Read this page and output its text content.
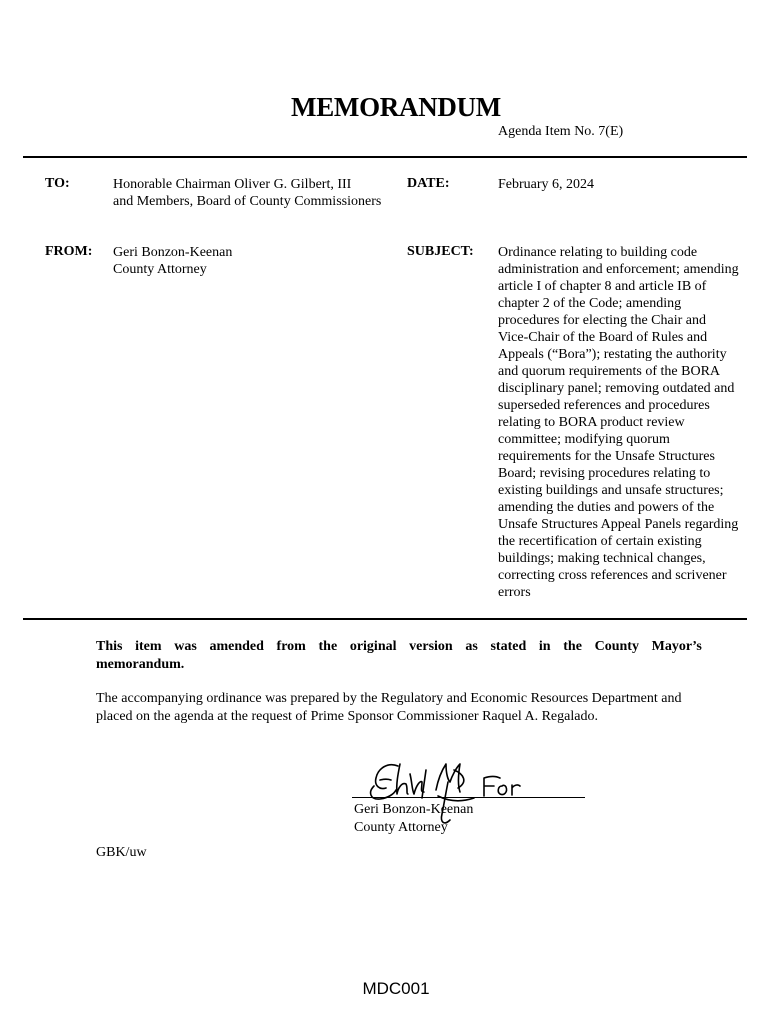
MEMORANDUM
Agenda Item No. 7(E)
TO:	Honorable Chairman Oliver G. Gilbert, III
and Members, Board of County Commissioners
DATE:	February 6, 2024
FROM: Geri Bonzon-Keenan
County Attorney
SUBJECT: Ordinance relating to building code
administration and enforcement; amending
article I of chapter 8 and article IB of
chapter 2 of the Code; amending
procedures for electing the Chair and
Vice-Chair of the Board of Rules and
Appeals (“Bora”); restating the authority
and quorum requirements of the BORA
disciplinary panel; removing outdated and
superseded references and procedures
relating to BORA product review
committee; modifying quorum
requirements for the Unsafe Structures
Board; revising procedures relating to
existing buildings and unsafe structures;
amending the duties and powers of the
Unsafe Structures Appeal Panels regarding
the recertification of certain existing
buildings; making technical changes,
correcting cross references and scrivener
errors
This item was amended from the original version as stated in the County Mayor’s
memorandum.
The accompanying ordinance was prepared by the Regulatory and Economic Resources Department and
placed on the agenda at the request of Prime Sponsor Commissioner Raquel A. Regalado.
Geri Bonzon-Keenan
County Attorney
GBK/uw
MDC001
